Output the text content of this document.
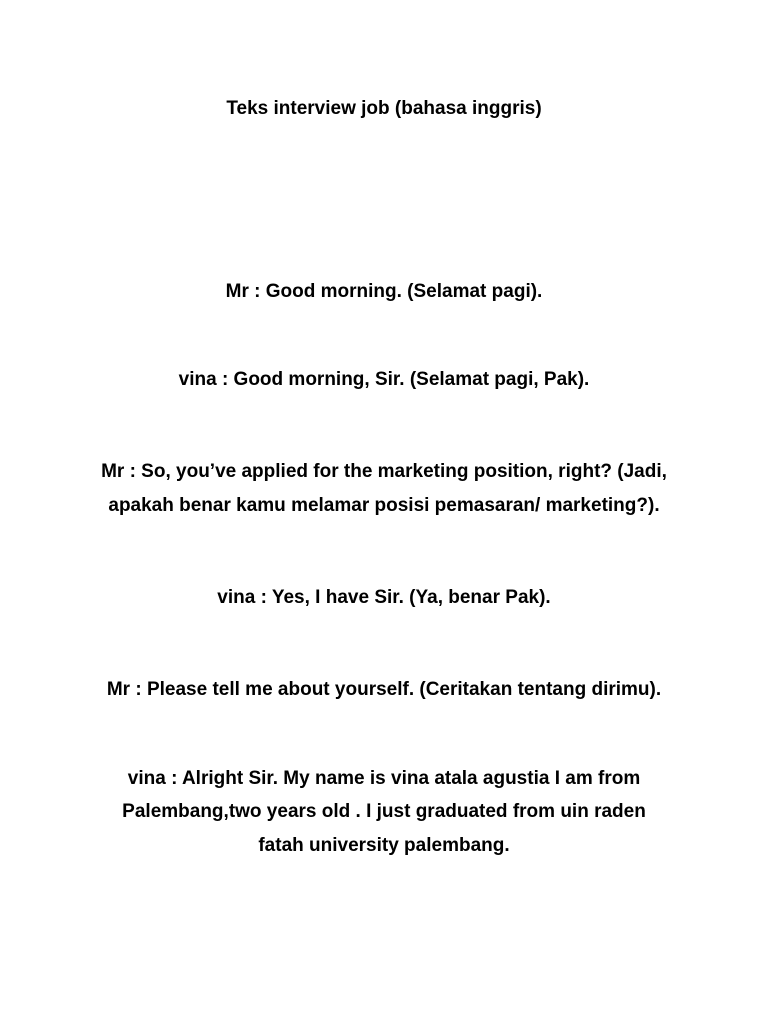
Teks interview job (bahasa inggris)
Mr : Good morning. (Selamat pagi).
vina : Good morning, Sir. (Selamat pagi, Pak).
Mr : So, you’ve applied for the marketing position, right? (Jadi,
apakah benar kamu melamar posisi pemasaran/ marketing?).
vina : Yes, I have Sir. (Ya, benar Pak).
Mr : Please tell me about yourself. (Ceritakan tentang dirimu).
vina : Alright Sir. My name is vina atala agustia I am from
Palembang,two years old . I just graduated from uin raden
fatah university palembang.
